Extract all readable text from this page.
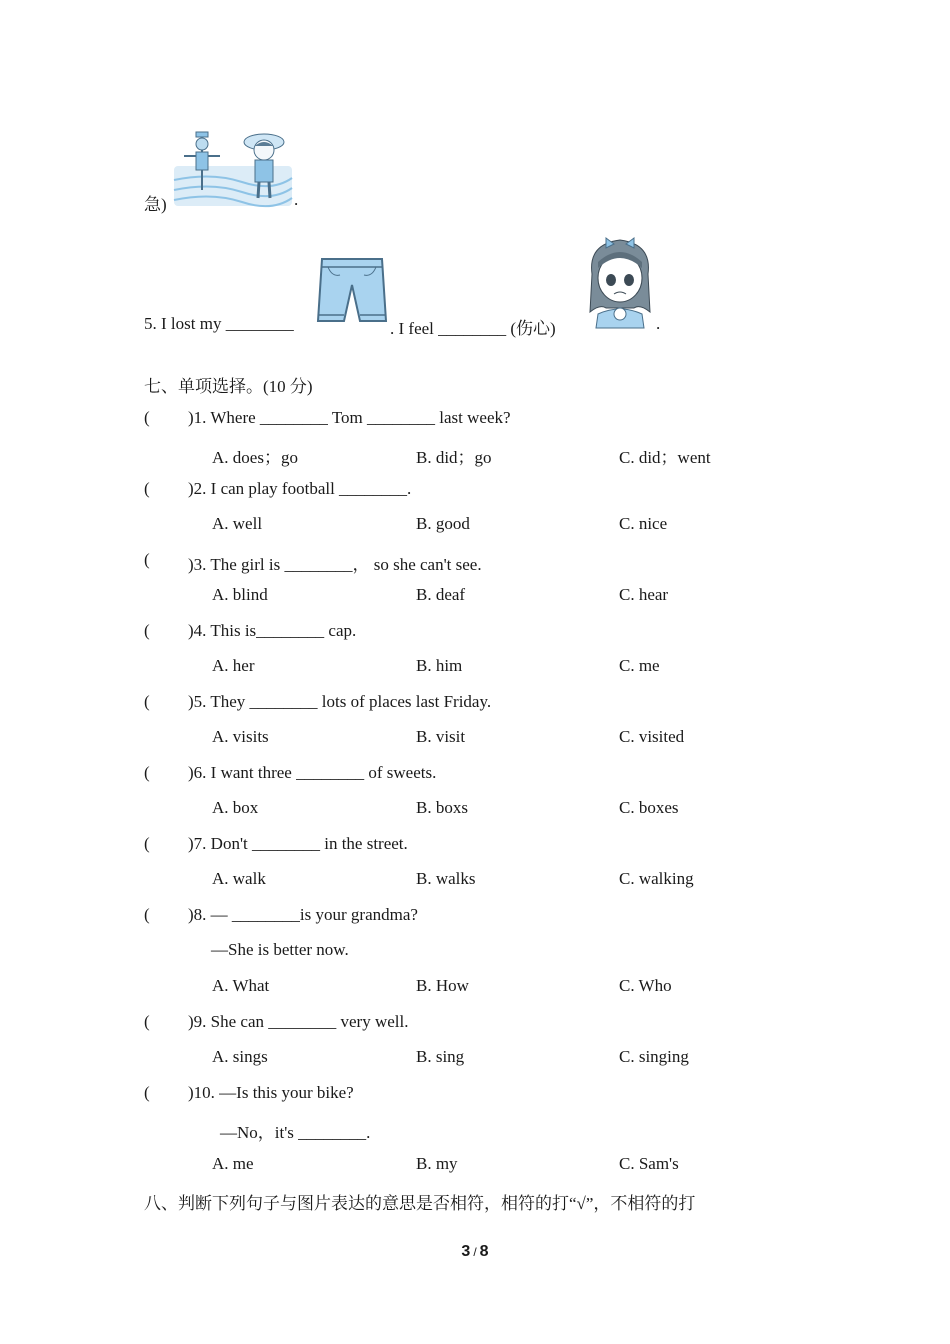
急)	.
5. I lost my ________	. I feel ________ (伤心)	.
七、单项选择。(10 分)
( )1. Where ________ Tom ________ last week?
A. does；go	B. did；go	C. did；went
( )2. I can play football ________.
A. well	B. good	C. nice
( )3. The girl is ________， so she can't see.
A. blind	B. deaf	C. hear
( )4. This is________ cap.
A. her	B. him	C. me
( )5. They ________ lots of places last Friday.
A. visits	B. visit	C. visited
( )6. I want three ________ of sweets.
A. box	B. boxs	C. boxes
( )7. Don't ________ in the street.
A. walk	B. walks	C. walking
( )8. — ________is your grandma?
—She is better now.
A. What	B. How	C. Who
( )9. She can ________ very well.
A. sings	B. sing	C. singing
( )10. —Is this your bike?
—No，it's ________.
A. me	B. my	C. Sam's
八、判断下列句子与图片表达的意思是否相符，相符的打“√”，不相符的打
3 / 8
